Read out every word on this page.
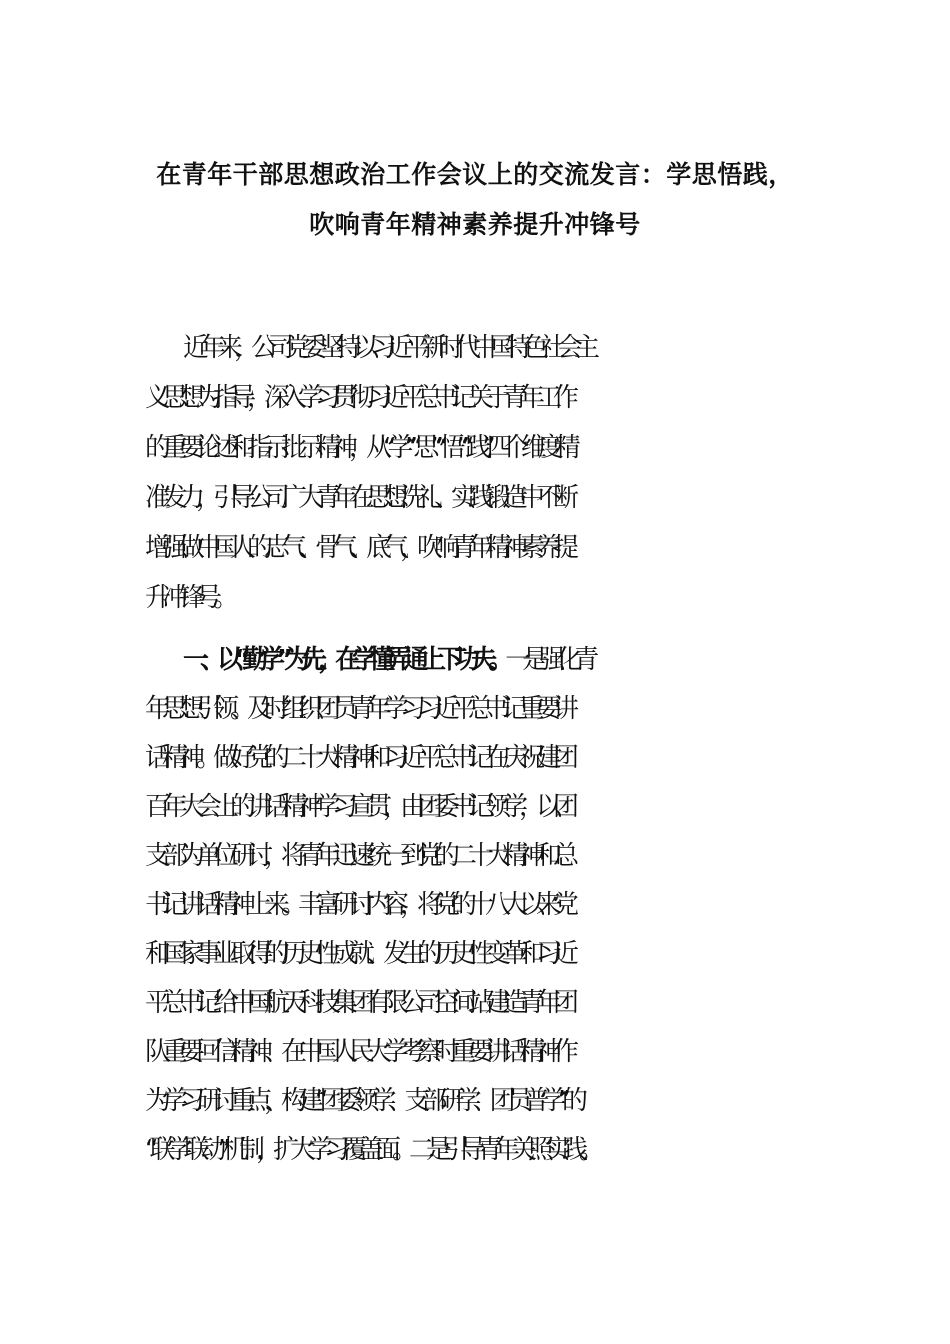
在青年干部思想政治工作会议上的交流发言：学思悟践，
吹响青年精神素养提升冲锋号
近年来，公司党委坚持以习近平新时代中国特色社会主
义思想为指导，深入学习贯彻习近平总书记关于青年工作
的重要论述和指示批示精神，从“学”“思”“悟”“践”四个维度精
准发力，引导公司广大青年在思想洗礼、实践锻造中不断
增强做中国人的志气、骨气、底气，吹响青年精神素养提
升冲锋号。
一、以“勤学”为先，在学懂弄通上下功夫。一是强化青
年思想引领。及时组织团员青年学习习近平总书记重要讲
话精神。做好党的二十大精神和习近平总书记在庆祝建团
百年大会上的讲话精神学习宣贯，由团委书记领学，以团
支部为单位研讨，将青年迅速统一到党的二十大精神和总
书记讲话精神上来。丰富研讨内容，将党的十八大以来党
和国家事业取得的历史性成就、发生的历史性变革和习近
平总书记给中国航天科技集团有限公司空间站建造青年团
队重要回信精神、在中国人民大学考察时重要讲话精神作
为学习研讨重点，构建“团委领学、支部研学、团员普学”的
“联学联动”机制，扩大学习覆盖面。二是引导青年关照实践。
